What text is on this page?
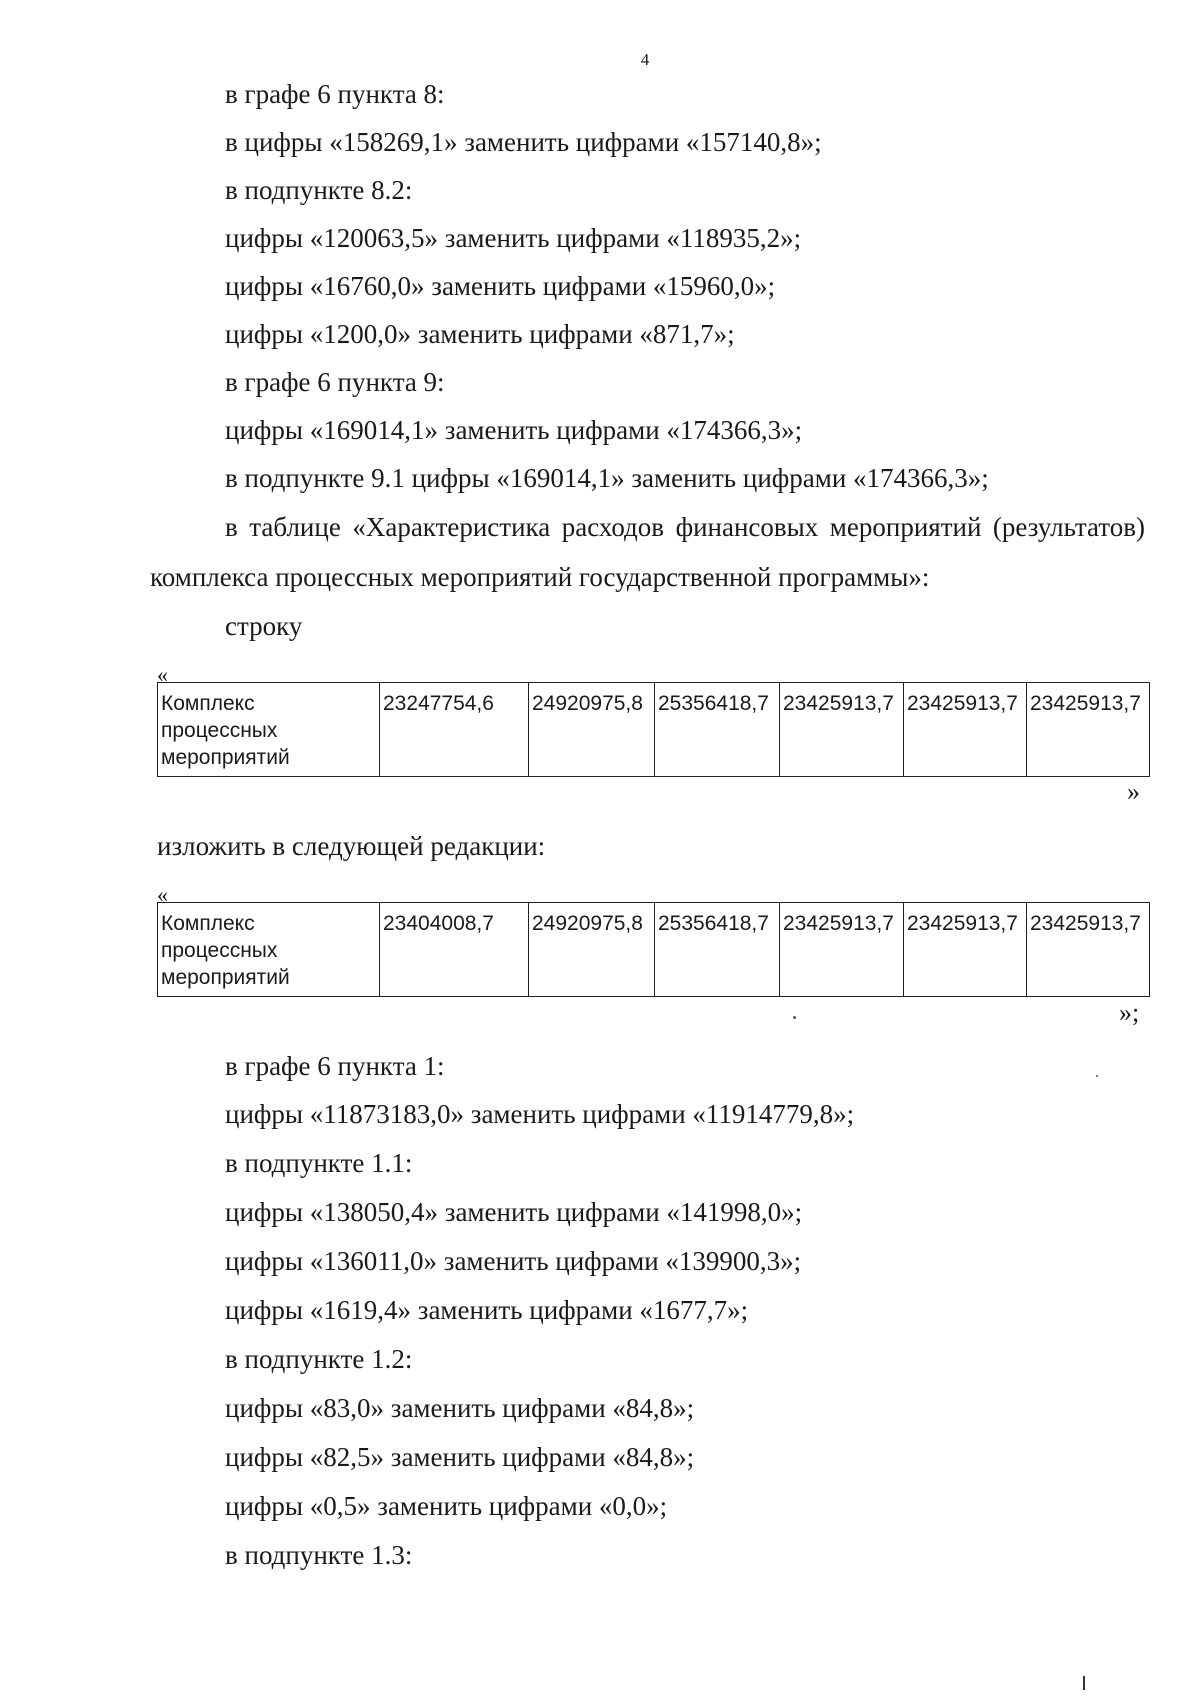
4
в графе 6 пункта 8:
в цифры «158269,1» заменить цифрами «157140,8»;
в подпункте 8.2:
цифры «120063,5» заменить цифрами «118935,2»;
цифры «16760,0» заменить цифрами «15960,0»;
цифры «1200,0» заменить цифрами «871,7»;
в графе 6 пункта 9:
цифры «169014,1» заменить цифрами «174366,3»;
в подпункте 9.1 цифры «169014,1» заменить цифрами «174366,3»;
в таблице «Характеристика расходов финансовых мероприятий (результатов) комплекса процессных мероприятий государственной программы»:
строку
«
Комплекс процессных мероприятий	23247754,6	24920975,8	25356418,7	23425913,7	23425913,7	23425913,7
»
изложить в следующей редакции:
«
Комплекс процессных мероприятий	23404008,7	24920975,8	25356418,7	23425913,7	23425913,7	23425913,7
»;
в графе 6 пункта 1:
цифры «11873183,0» заменить цифрами «11914779,8»;
в подпункте 1.1:
цифры «138050,4» заменить цифрами «141998,0»;
цифры «136011,0» заменить цифрами «139900,3»;
цифры «1619,4» заменить цифрами «1677,7»;
в подпункте 1.2:
цифры «83,0» заменить цифрами «84,8»;
цифры «82,5» заменить цифрами «84,8»;
цифры «0,5» заменить цифрами «0,0»;
в подпункте 1.3:
